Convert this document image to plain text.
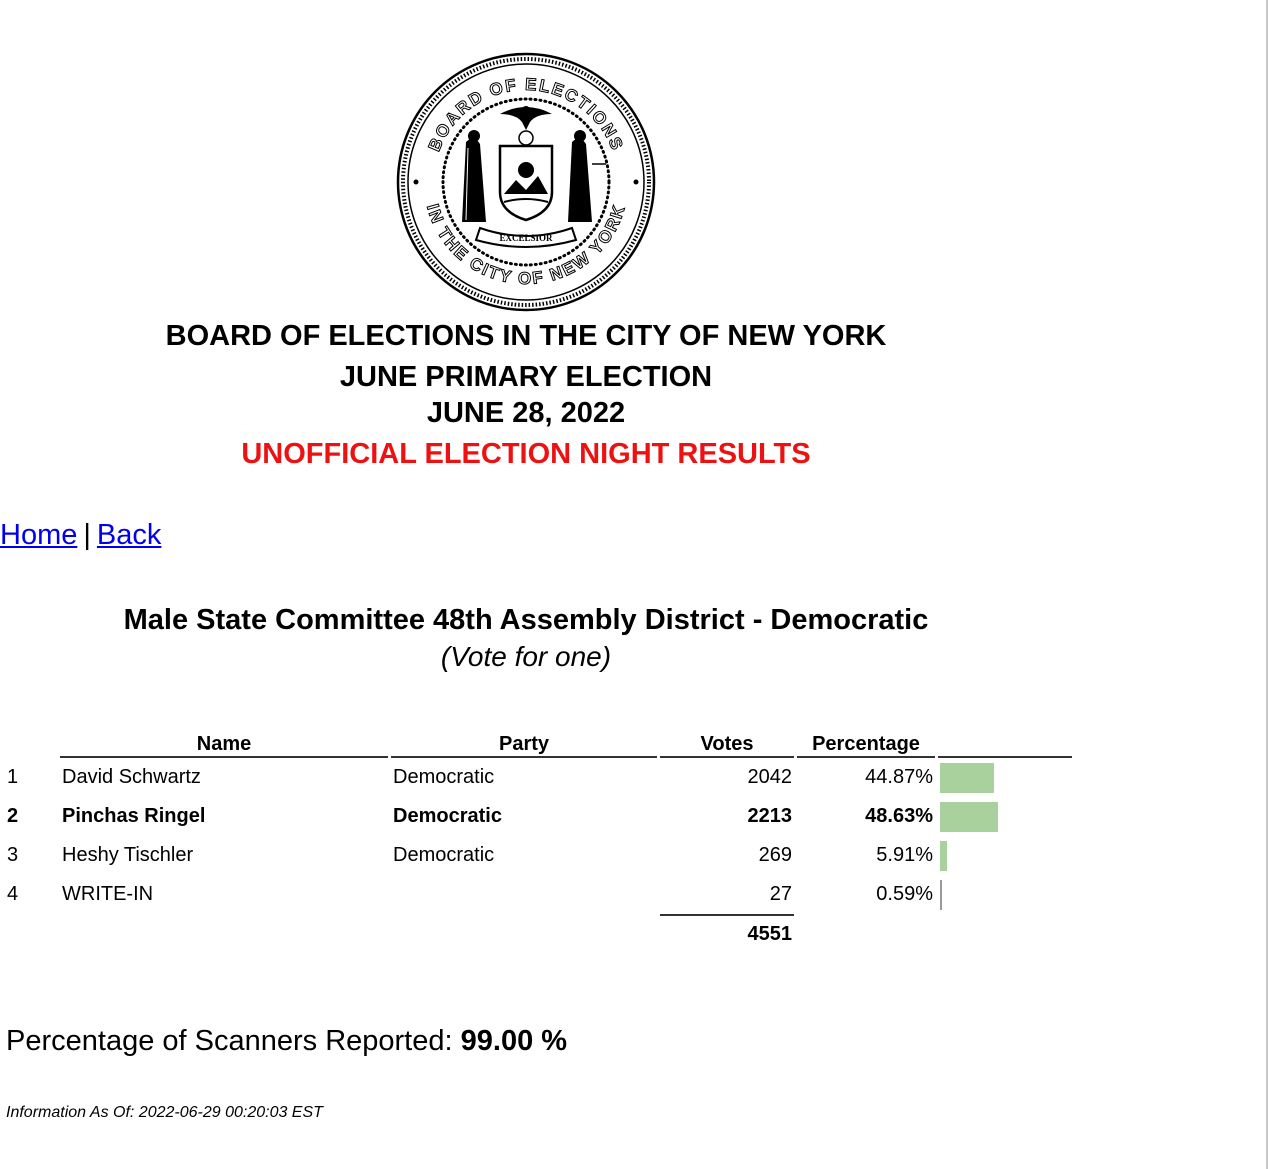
BOARD OF ELECTIONS
IN THE CITY OF NEW YORK
EXCELSIOR
BOARD OF ELECTIONS IN THE CITY OF NEW YORK
JUNE PRIMARY ELECTION
JUNE 28, 2022
UNOFFICIAL ELECTION NIGHT RESULTS
Home | Back
Male State Committee 48th Assembly District - Democratic
(Vote for one)
	Name	Party	Votes	Percentage	
1	David Schwartz	Democratic	2042	44.87%	
2	Pinchas Ringel	Democratic	2213	48.63%	
3	Heshy Tischler	Democratic	269	5.91%	
4	WRITE-IN		27	0.59%	
			4551		
Percentage of Scanners Reported: 99.00 %
Information As Of: 2022-06-29 00:20:03 EST
